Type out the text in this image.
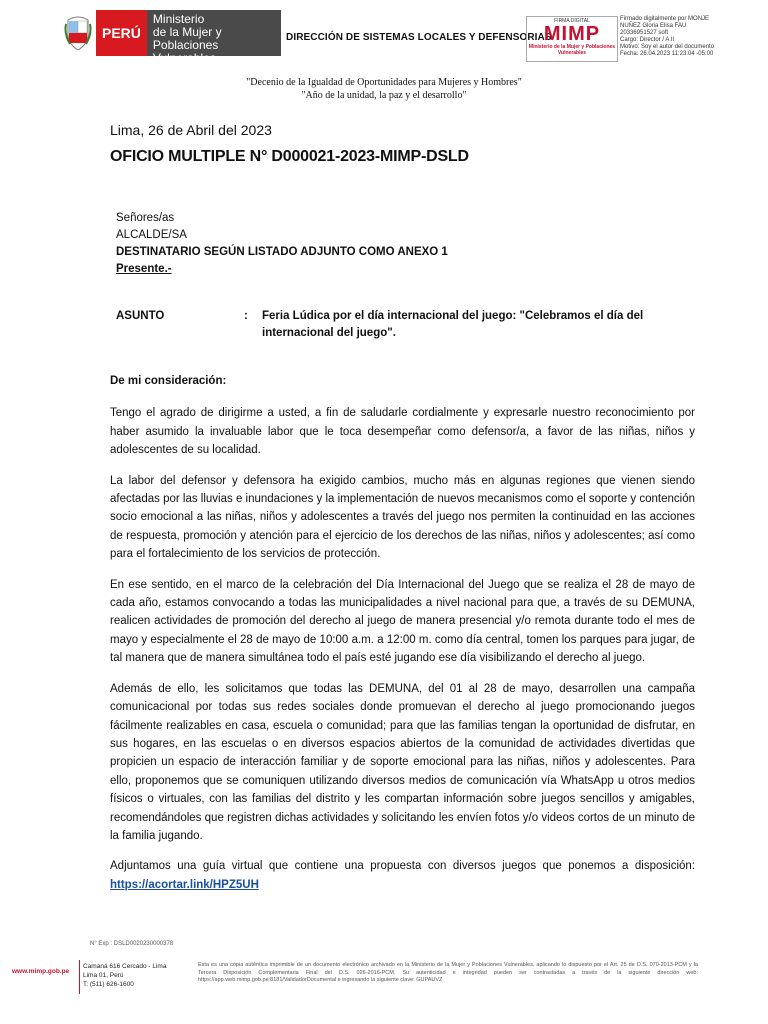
PERÚ
Ministerio
de la Mujer y
Poblaciones Vulnerables
DIRECCIÓN DE SISTEMAS LOCALES Y DEFENSORIAS
FIRMA DIGITAL
MIMP
Ministerio de la Mujer y Poblaciones Vulnerables
Firmado digitalmente por MONJE
NUÑEZ Gloria Elisa FAU
20336951527 soft
Cargo: Director / A II
Motivo: Soy el autor del documento
Fecha: 26.04.2023 11:23:04 -05:00
"Decenio de la Igualdad de Oportunidades para Mujeres y Hombres"
"Año de la unidad, la paz y el desarrollo"
Lima, 26 de Abril del 2023
OFICIO MULTIPLE N° D000021-2023-MIMP-DSLD
Señores/as
ALCALDE/SA
DESTINATARIO SEGÚN LISTADO ADJUNTO COMO ANEXO 1
Presente.-
ASUNTO	: Feria Lúdica por el día internacional del juego: "Celebramos el día del internacional del juego".

De mi consideración:

Tengo el agrado de dirigirme a usted, a fin de saludarle cordialmente y expresarle nuestro reconocimiento por haber asumido la invaluable labor que le toca desempeñar como defensor/a, a favor de las niñas, niños y adolescentes de su localidad.

La labor del defensor y defensora ha exigido cambios, mucho más en algunas regiones que vienen siendo afectadas por las lluvias e inundaciones y la implementación de nuevos mecanismos como el soporte y contención socio emocional a las niñas, niños y adolescentes a través del juego nos permiten la continuidad en las acciones de respuesta, promoción y atención para el ejercicio de los derechos de las niñas, niños y adolescentes; así como para el fortalecimiento de los servicios de protección.

En ese sentido, en el marco de la celebración del Día Internacional del Juego que se realiza el 28 de mayo de cada año, estamos convocando a todas las municipalidades a nivel nacional para que, a través de su DEMUNA, realicen actividades de promoción del derecho al juego de manera presencial y/o remota durante todo el mes de mayo y especialmente el 28 de mayo de 10:00 a.m. a 12:00 m. como día central, tomen los parques para jugar, de tal manera que de manera simultánea todo el país esté jugando ese día visibilizando el derecho al juego.

Además de ello, les solicitamos que todas las DEMUNA, del 01 al 28 de mayo, desarrollen una campaña comunicacional por todas sus redes sociales donde promuevan el derecho al juego promocionando juegos fácilmente realizables en casa, escuela o comunidad; para que las familias tengan la oportunidad de disfrutar, en sus hogares, en las escuelas o en diversos espacios abiertos de la comunidad de actividades divertidas que propicien un espacio de interacción familiar y de soporte emocional para las niñas, niños y adolescentes. Para ello, proponemos que se comuniquen utilizando diversos medios de comunicación vía WhatsApp u otros medios físicos o virtuales, con las familias del distrito y les compartan información sobre juegos sencillos y amigables, recomendándoles que registren dichas actividades y solicitando les envíen fotos y/o videos cortos de un minuto de la familia jugando.

Adjuntamos una guía virtual que contiene una propuesta con diversos juegos que ponemos a disposición: https://acortar.link/HPZ5UH

N° Exp : DSLD0020230000378
www.mimp.gob.pe
Camaná 616 Cercado - Lima
Lima 01, Perú
T: (511) 626-1600
Esta es una copia auténtica imprimible de un documento electrónico archivado en la Ministerio de la Mujer y Poblaciones Vulnerables, aplicando lo dispuesto por el Art. 25 de D.S. 070-2013-PCM y la Tercera Disposición Complementaria Final del D.S. 026-2016-PCM. Su autenticidad e integridad pueden ser contrastadas a través de la siguiente dirección web: https://app.web.mimp.gob.pe:8181/ValidadorDocumental e ingresando la siguiente clave: GUPAUVZ
